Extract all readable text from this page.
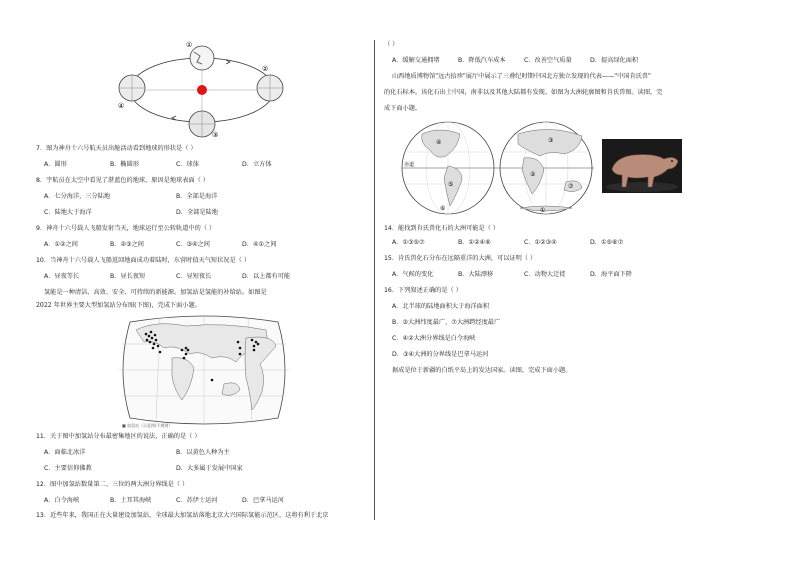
①
②
③
④
7．图为神舟十六号航天员出舱活动看到地球的形状是（ ）
A．圆形	B．椭圆形	C．球体	D．立方体
8．宇航员在太空中看见了湛蓝色的地球，原因是地球表面（ ）
A．七分海洋，三分陆地	B．全部是海洋
C．陆地大于海洋	D．全部是陆地
9．神舟十六号载人飞船发射当天，地球运行至公转轨道中的（ ）
A．①②之间	B．②③之间	C．③④之间	D．④①之间
10．当神舟十六号载人飞船返回地面成功着陆时，东营时值天气短状况是（ ）
A．昼夜等长	B．昼长夜短	C．昼短夜长	D．以上都有可能
氢能是一种清洁、高效、安全、可持续的新能源。加氢站是氢能的补给站。如图是
2022 年世界主要大型加氢站分布图(下图)，完成下面小题。
■ 加氢站（示意图/不规则）
11．关于图中加氢站分布最密集地区的说法，正确的是（ ）
A．面临北冰洋	B．以黄色人种为主
C．主要信仰佛教	D．大多属于发展中国家
12．图中加氢站数量第二、三位的两大洲分界线是（ ）
A．白令海峡	B．土耳其海峡	C．苏伊士运河	D．巴拿马运河
13．近些年来，我国正在大量建设加氢站，全球最大加氢站落地北京大兴国际氢能示范区，这将有利于北京
（ ）
A．缓解交通拥堵	B．降低汽车成本	C．改善空气质量	D．提高绿化面积
山西地质博物馆"远古拾珍"展厅中展示了三叠纪时期中国北方独立发现的代表——"中国肯氏兽"
的化石标本。该化石出土中国，南非以及其他大陆都有发现。如图为大洲轮廓图和肯氏兽图。读图，完
成下面小题。
④
⑤
⑥
③
②
⑦
赤道
①
14．能找到肯氏兽化石的大洲可能是（ ）
A．①③⑤⑦	B．①②④⑥	C．①②③④	D．①⑤⑥⑦
15．肯氏兽化石分布在远隔重洋的大洲，可以证明（ ）
A．气候的变化	B．大陆漂移	C．动物大迁徙	D．海平面下降
16．下列叙述正确的是（ ）
A．北半球的陆地面积大于海洋面积
B．③大洲纬度最广，⑦大洲跨经度最广
C．④②大洲分界线是白令海峡
D．③④大洲的分界线是巴拿马运河
据成是位于新疆的白纸平岛上的发达国家。读图，完成下面小题。
